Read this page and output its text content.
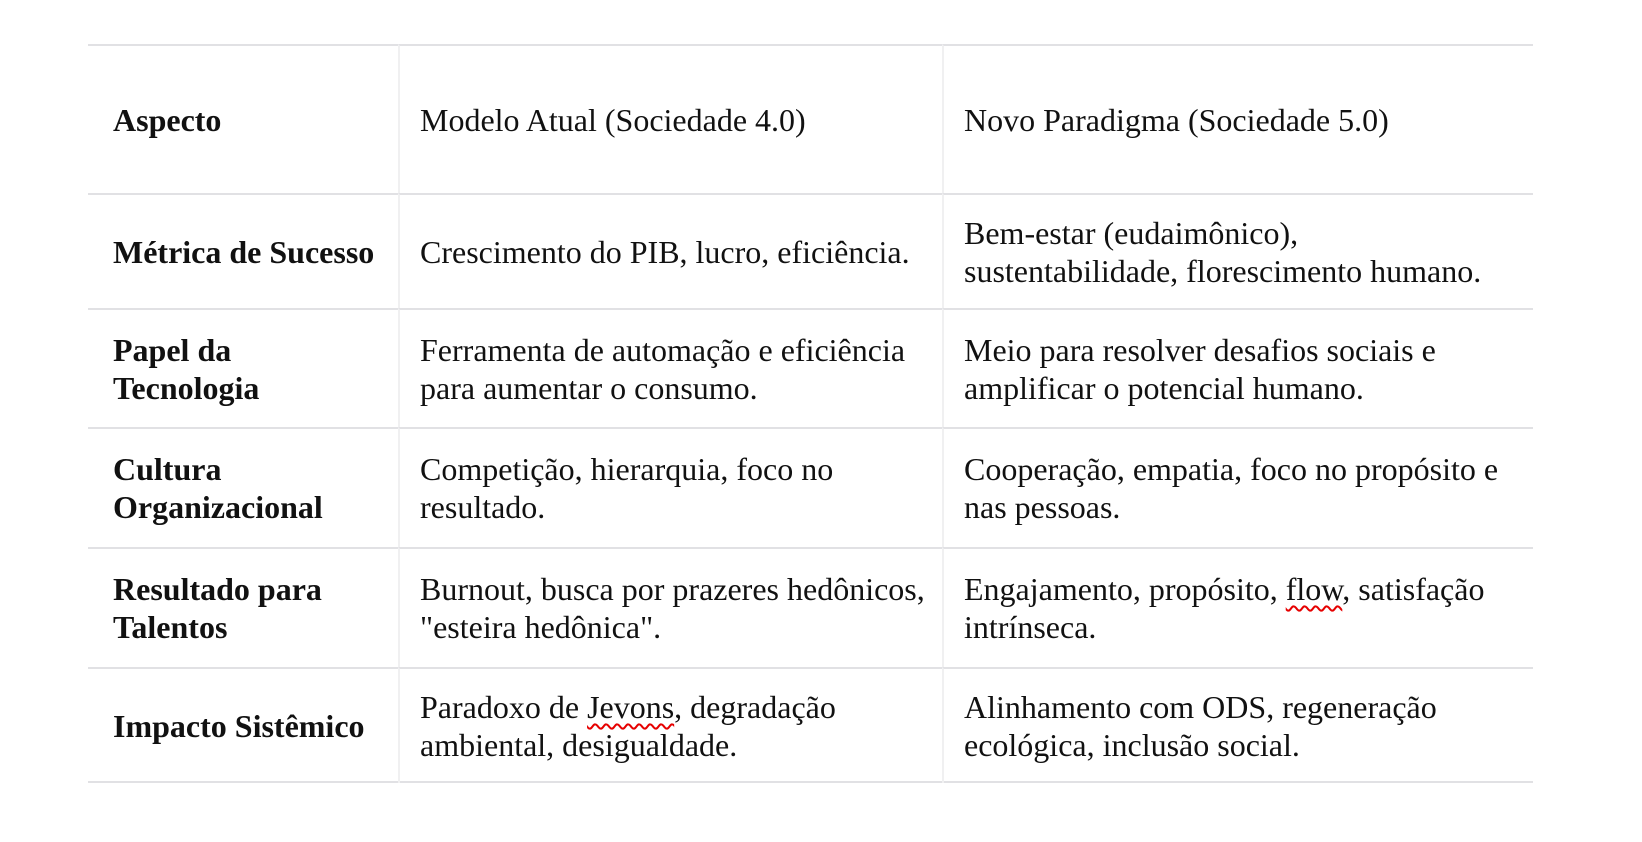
Aspecto	Modelo Atual (Sociedade 4.0)	Novo Paradigma (Sociedade 5.0)
Métrica de Sucesso Crescimento do PIB, lucro, eficiência.

Bem-estar (eudaimônico), sustentabilidade, florescimento humano.

Papel da Tecnologia

Ferramenta de automação e eficiência para aumentar o consumo.

Meio para resolver desafios sociais e amplificar o potencial humano.

Cultura Organizacional

Competição, hierarquia, foco no resultado.

Cooperação, empatia, foco no propósito e nas pessoas.

Resultado para Talentos

Burnout, busca por prazeres hedônicos, "esteira hedônica".

Engajamento, propósito, flow, satisfação intrínseca.

Impacto Sistêmico

Paradoxo de Jevons, degradação ambiental, desigualdade.

Alinhamento com ODS, regeneração ecológica, inclusão social.
